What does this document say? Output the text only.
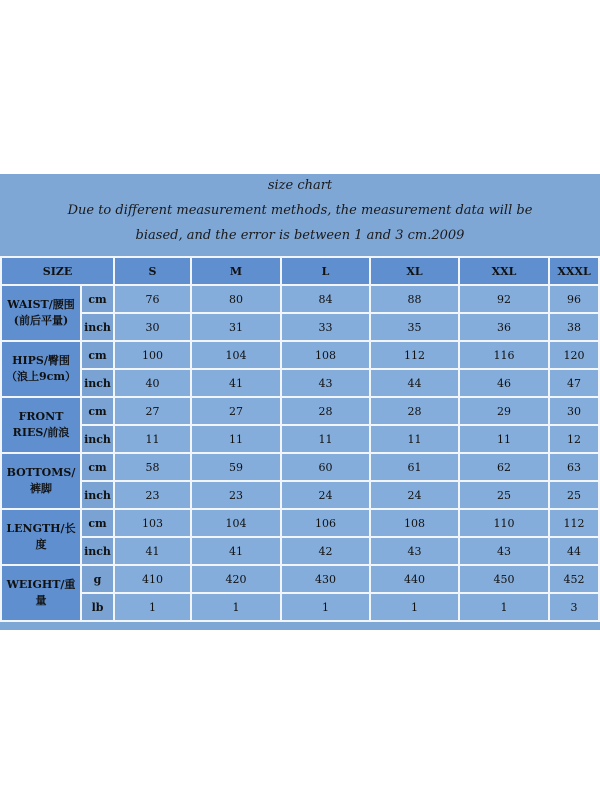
size chart
Due to different measurement methods, the measurement data will be
biased, and the error is between 1 and 3 cm.2009
SIZE		S	M	L	XL	XXL	XXXL
WAIST/腰围(前后平量)	cm	76	80	84	88	92	96
	inch	30	31	33	35	36	38
HIPS/臀围（浪上9cm）	cm	100	104	108	112	116	120
	inch	40	41	43	44	46	47
FRONT RIES/前浪	cm	27	27	28	28	29	30
	inch	11	11	11	11	11	12
BOTTOMS/裤脚	cm	58	59	60	61	62	63
	inch	23	23	24	24	25	25
LENGTH/长度	cm	103	104	106	108	110	112
	inch	41	41	42	43	43	44
WEIGHT/重量	g	410	420	430	440	450	452
	lb	1	1	1	1	1	3
